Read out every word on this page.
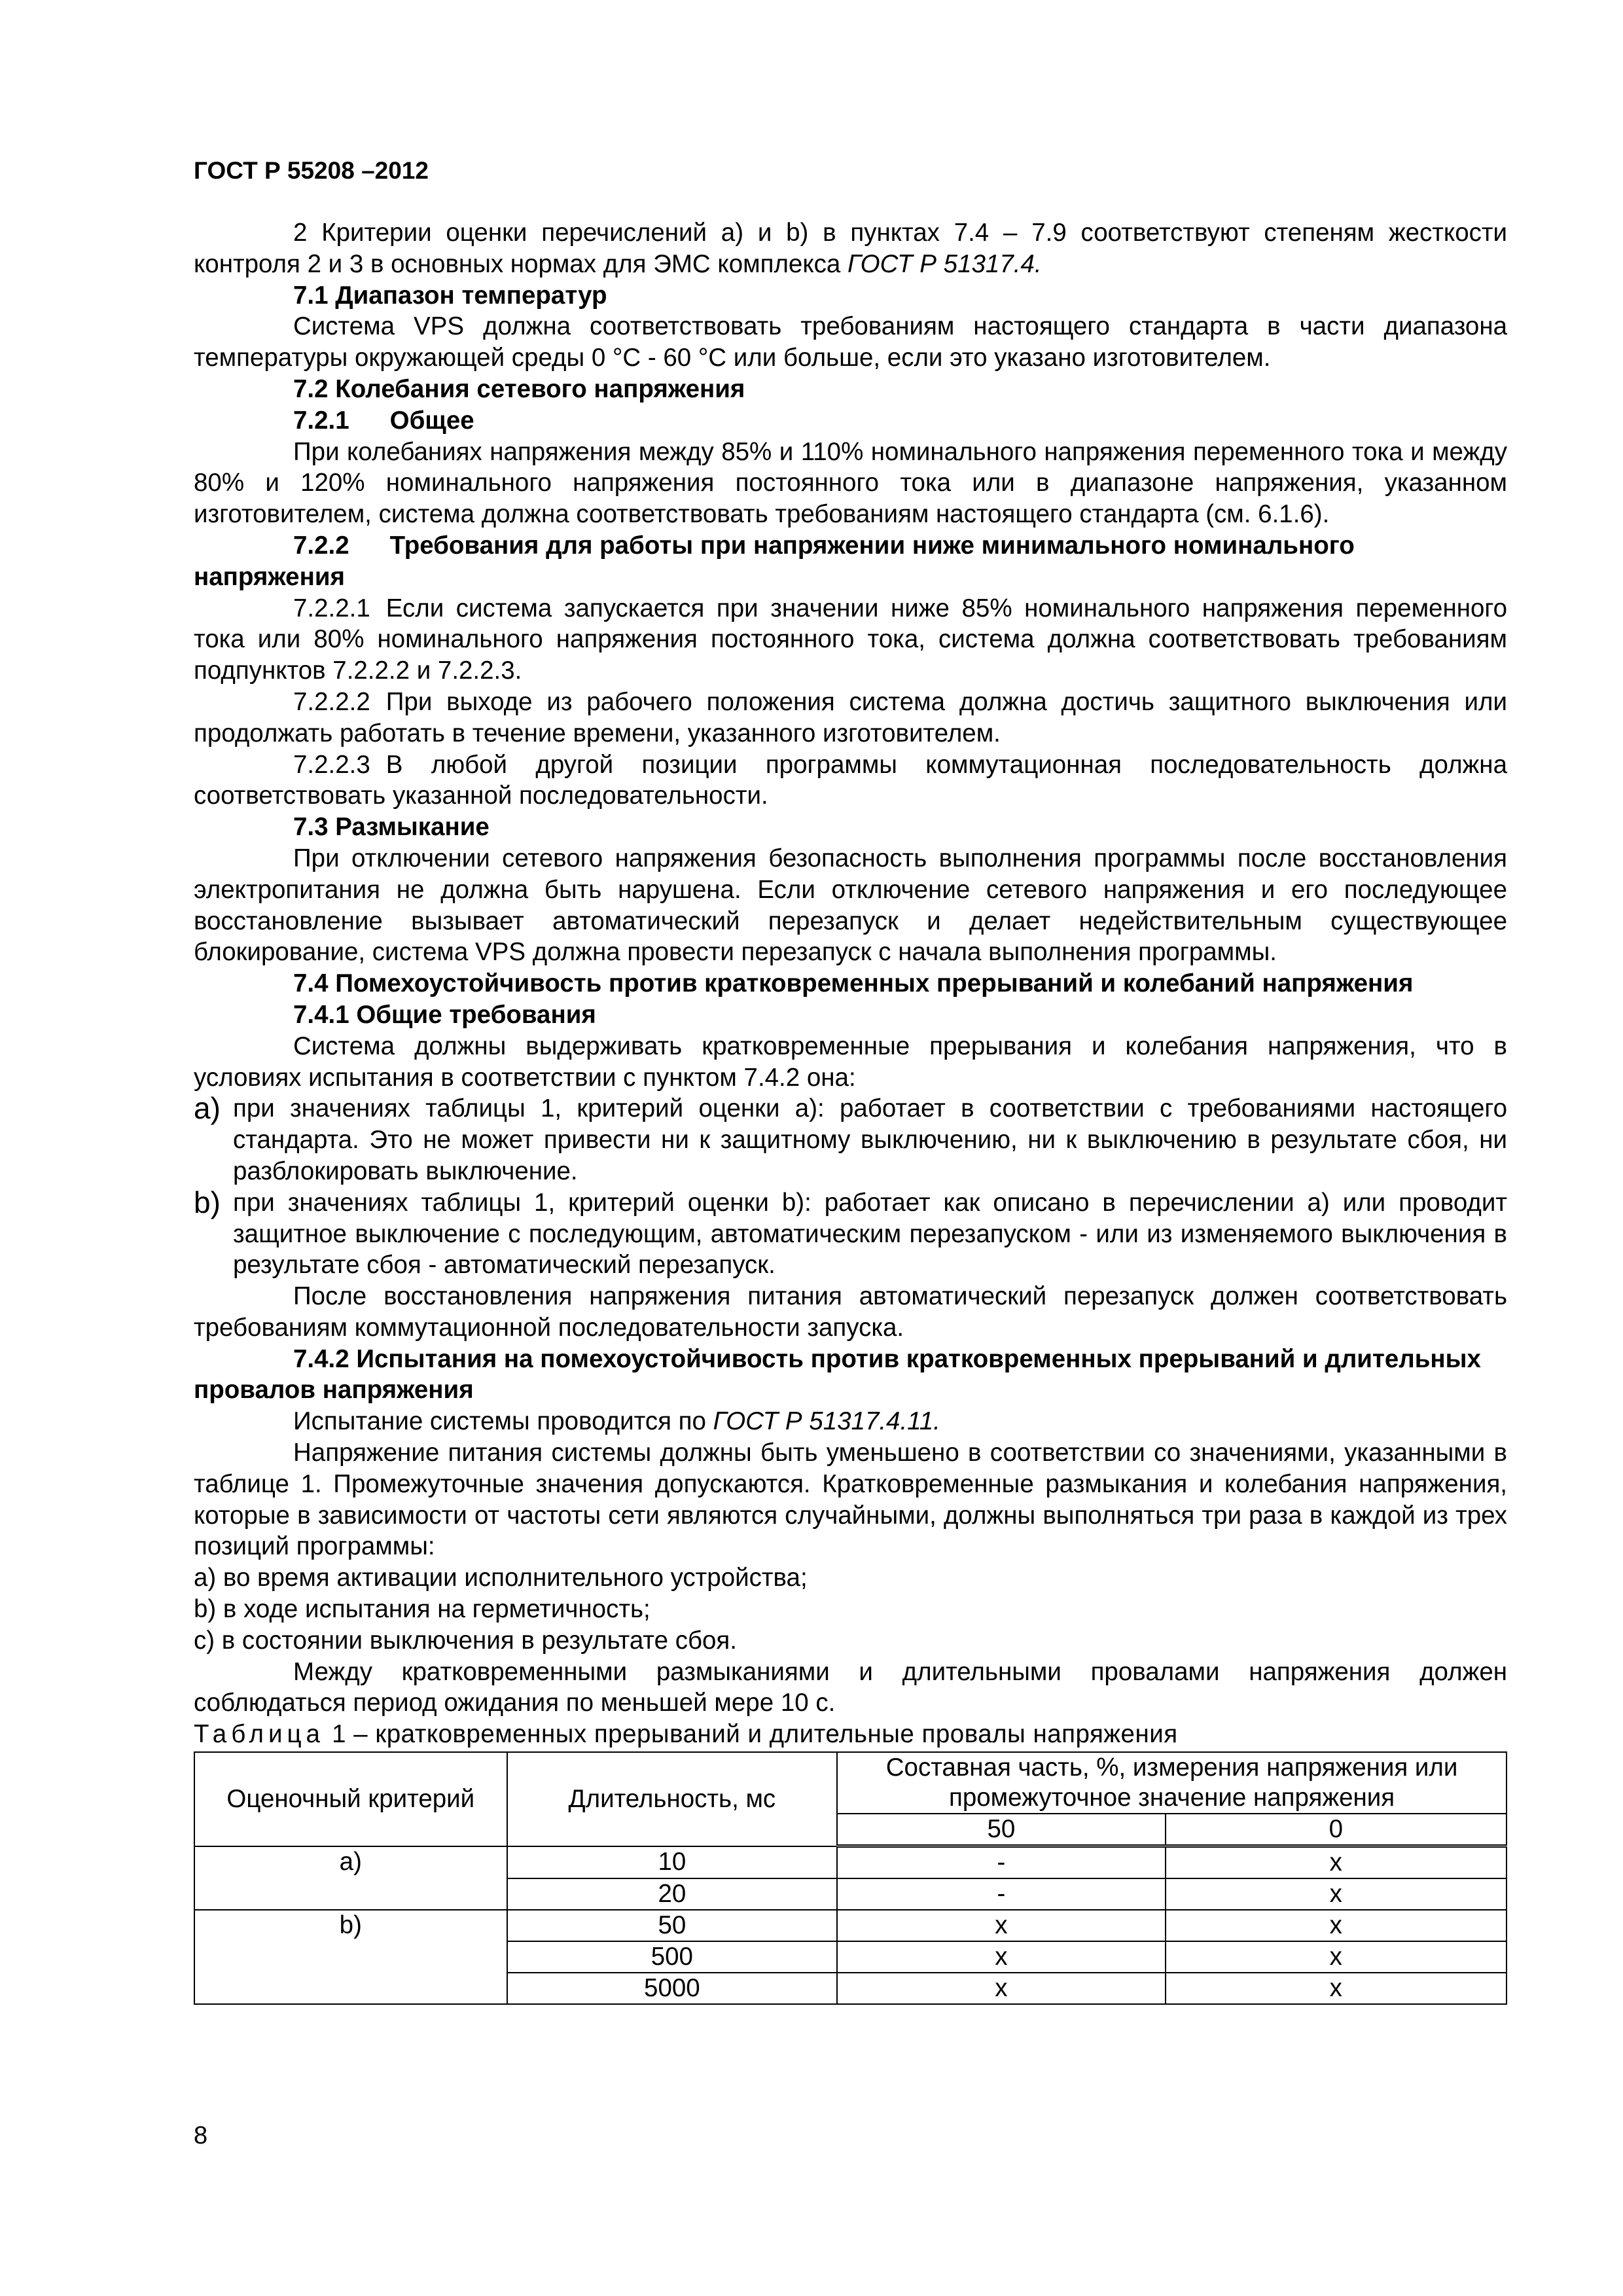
ГОСТ Р 55208 –2012

2 Критерии оценки перечислений a) и b) в пунктах 7.4 – 7.9 соответствуют степеням жесткости контроля 2 и 3 в основных нормах для ЭМС комплекса ГОСТ Р 51317.4.

7.1 Диапазон температур

Система VPS должна соответствовать требованиям настоящего стандарта в части диапазона температуры окружающей среды 0 °C - 60 °C или больше, если это указано изготовителем.

7.2 Колебания сетевого напряжения

7.2.1 Общее

При колебаниях напряжения между 85% и 110% номинального напряжения переменного тока и между 80% и 120% номинального напряжения постоянного тока или в диапазоне напряжения, указанном изготовителем, система должна соответствовать требованиям настоящего стандарта (см. 6.1.6).

7.2.2 Требования для работы при напряжении ниже минимального номинального напряжения

7.2.2.1 Если система запускается при значении ниже 85% номинального напряжения переменного тока или 80% номинального напряжения постоянного тока, система должна соответствовать требованиям подпунктов 7.2.2.2 и 7.2.2.3.

7.2.2.2 При выходе из рабочего положения система должна достичь защитного выключения или продолжать работать в течение времени, указанного изготовителем.

7.2.2.3 В любой другой позиции программы коммутационная последовательность должна соответствовать указанной последовательности.

7.3 Размыкание

При отключении сетевого напряжения безопасность выполнения программы после восстановления электропитания не должна быть нарушена. Если отключение сетевого напряжения и его последующее восстановление вызывает автоматический перезапуск и делает недействительным существующее блокирование, система VPS должна провести перезапуск с начала выполнения программы.

7.4 Помехоустойчивость против кратковременных прерываний и колебаний напряжения

7.4.1 Общие требования

Система должны выдерживать кратковременные прерывания и колебания напряжения, что в условиях испытания в соответствии с пунктом 7.4.2 она:

a) при значениях таблицы 1, критерий оценки a): работает в соответствии с требованиями настоящего стандарта. Это не может привести ни к защитному выключению, ни к выключению в результате сбоя, ни разблокировать выключение.
b) при значениях таблицы 1, критерий оценки b): работает как описано в перечислении a) или проводит защитное выключение с последующим, автоматическим перезапуском - или из изменяемого выключения в результате сбоя - автоматический перезапуск.

После восстановления напряжения питания автоматический перезапуск должен соответствовать требованиям коммутационной последовательности запуска.

7.4.2 Испытания на помехоустойчивость против кратковременных прерываний и длительных провалов напряжения

Испытание системы проводится по ГОСТ Р 51317.4.11.

Напряжение питания системы должны быть уменьшено в соответствии со значениями, указанными в таблице 1. Промежуточные значения допускаются. Кратковременные размыкания и колебания напряжения, которые в зависимости от частоты сети являются случайными, должны выполняться три раза в каждой из трех позиций программы:

a) во время активации исполнительного устройства;

b) в ходе испытания на герметичность;

c) в состоянии выключения в результате сбоя.

Между кратковременными размыканиями и длительными провалами напряжения должен соблюдаться период ожидания по меньшей мере 10 с.

Таблица 1 – кратковременных прерываний и длительные провалы напряжения

Оценочный критерий	Длительность, мс	Составная часть, %, измерения напряжения или промежуточное значение напряжения	
		50	0
a)	10	-	x
	20	-	x
b)	50	x	x
	500	x	x
	5000	x	x
8
